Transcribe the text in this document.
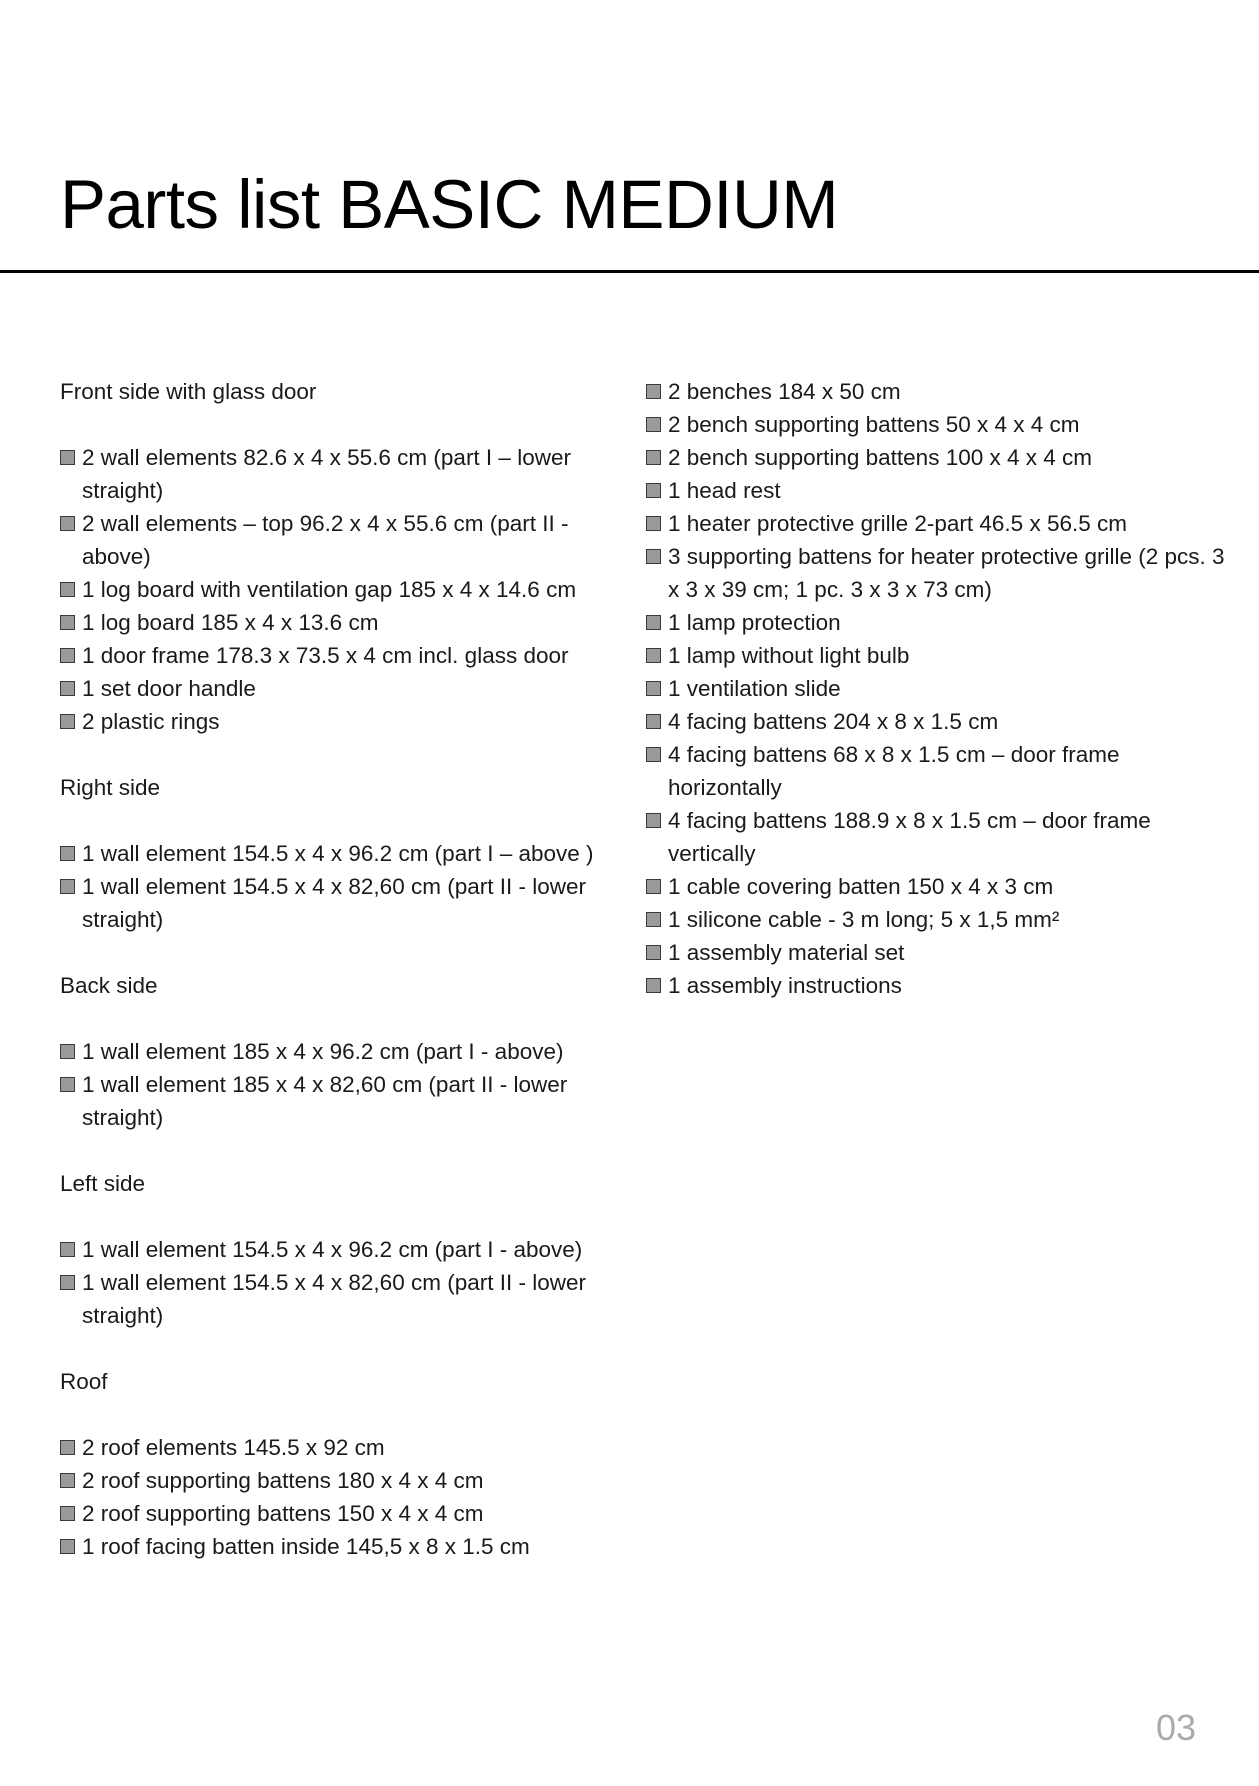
Parts list BASIC MEDIUM
Front side with glass door
2 wall elements 82.6 x 4 x 55.6 cm (part I – lower straight)
2 wall elements – top 96.2 x 4 x 55.6 cm (part II - above)
1 log board with ventilation gap 185 x 4 x 14.6 cm
1 log board 185 x 4 x 13.6 cm
1 door frame 178.3 x 73.5 x 4 cm incl. glass door
1 set door handle
2 plastic rings
Right side
1 wall element 154.5 x 4 x 96.2 cm (part I – above )
1 wall element 154.5 x 4 x 82,60 cm (part II - lower straight)
Back side
1 wall element 185 x 4 x 96.2 cm (part I - above)
1 wall element 185 x 4 x 82,60 cm (part II - lower straight)
Left side
1 wall element 154.5 x 4 x 96.2 cm (part I - above)
1 wall element 154.5 x 4 x 82,60 cm (part II - lower straight)
Roof
2 roof elements 145.5 x 92 cm
2 roof supporting battens 180 x 4 x 4 cm
2 roof supporting battens 150 x 4 x 4 cm
1 roof facing batten inside 145,5 x 8 x 1.5 cm
2 benches 184 x 50 cm
2 bench supporting battens 50 x 4 x 4 cm
2 bench supporting battens 100 x 4 x 4 cm
1 head rest
1 heater protective grille 2-part 46.5 x 56.5 cm
3 supporting battens for heater protective grille (2 pcs. 3 x 3 x 39 cm; 1 pc. 3 x 3 x 73 cm)
1 lamp protection
1 lamp without light bulb
1 ventilation slide
4 facing battens 204 x 8 x 1.5 cm
4 facing battens 68 x 8 x 1.5 cm – door frame horizontally
4 facing battens 188.9 x 8 x 1.5 cm – door frame vertically
1 cable covering batten 150 x 4 x 3 cm
1 silicone cable - 3 m long; 5 x 1,5 mm²
1 assembly material set
1 assembly instructions
03
